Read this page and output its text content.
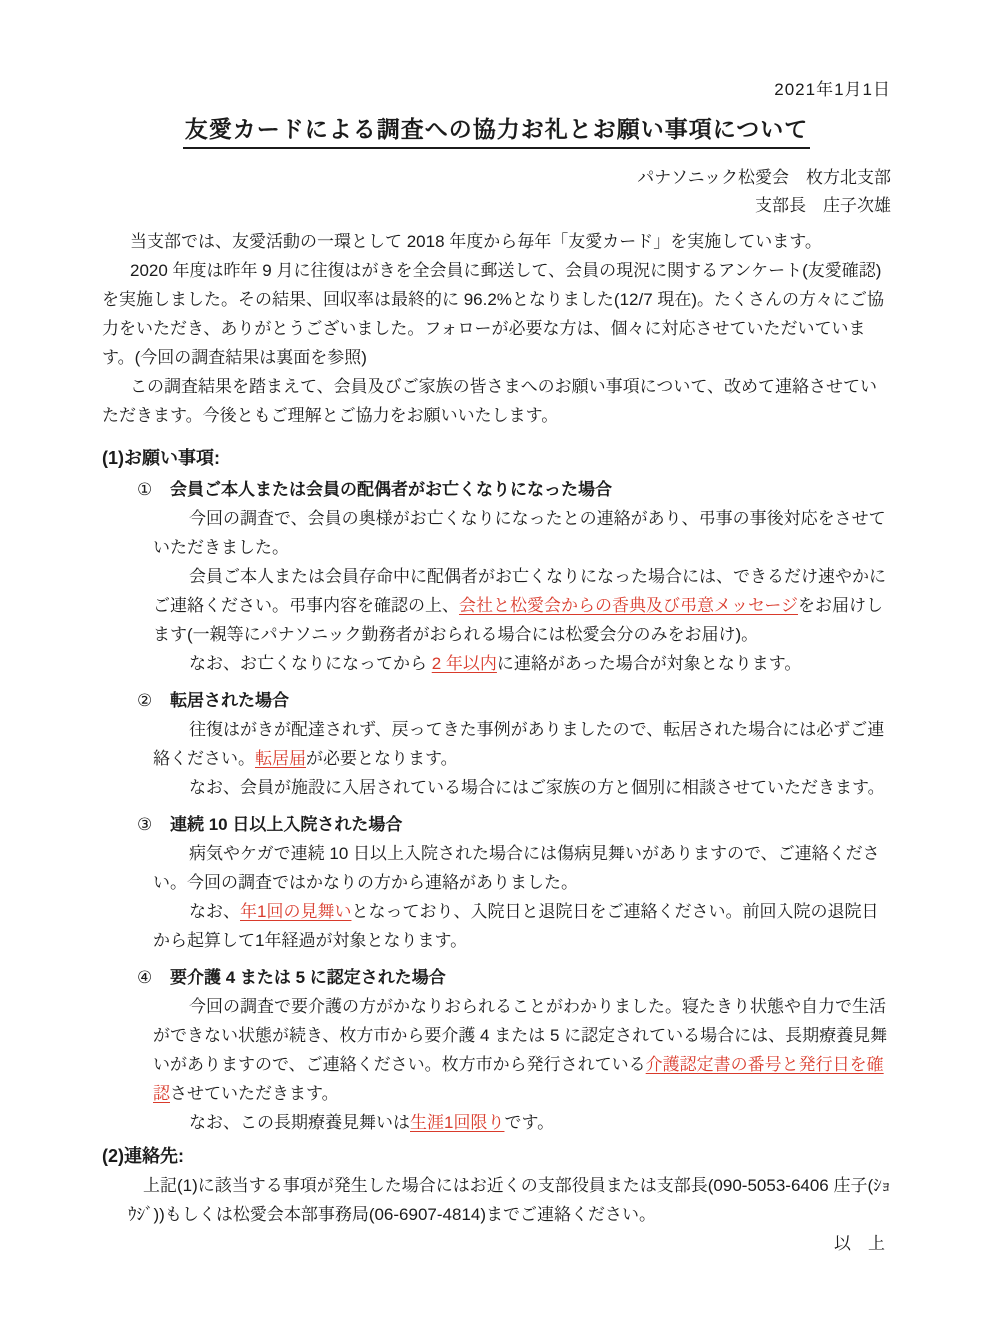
2021年1月1日
友愛カードによる調査への協力お礼とお願い事項について
パナソニック松愛会　枚方北支部
支部長　庄子次雄

当支部では、友愛活動の一環として 2018 年度から毎年「友愛カード」を実施しています。

2020 年度は昨年 9 月に往復はがきを全会員に郵送して、会員の現況に関するアンケート(友愛確認)を実施しました。その結果、回収率は最終的に 96.2%となりました(12/7 現在)。たくさんの方々にご協力をいただき、ありがとうございました。フォローが必要な方は、個々に対応させていただいています。(今回の調査結果は裏面を参照)

この調査結果を踏まえて、会員及びご家族の皆さまへのお願い事項について、改めて連絡させていただきます。今後ともご理解とご協力をお願いいたします。

(1)お願い事項:
① 会員ご本人または会員の配偶者がお亡くなりになった場合

今回の調査で、会員の奥様がお亡くなりになったとの連絡があり、弔事の事後対応をさせていただきました。

会員ご本人または会員存命中に配偶者がお亡くなりになった場合には、できるだけ速やかにご連絡ください。弔事内容を確認の上、会社と松愛会からの香典及び弔意メッセージをお届けします(一親等にパナソニック勤務者がおられる場合には松愛会分のみをお届け)。

なお、お亡くなりになってから 2 年以内に連絡があった場合が対象となります。

② 転居された場合

往復はがきが配達されず、戻ってきた事例がありましたので、転居された場合には必ずご連絡ください。転居届が必要となります。

なお、会員が施設に入居されている場合にはご家族の方と個別に相談させていただきます。

③ 連続 10 日以上入院された場合

病気やケガで連続 10 日以上入院された場合には傷病見舞いがありますので、ご連絡ください。今回の調査ではかなりの方から連絡がありました。

なお、年1回の見舞いとなっており、入院日と退院日をご連絡ください。前回入院の退院日から起算して1年経過が対象となります。

④ 要介護 4 または 5 に認定された場合

今回の調査で要介護の方がかなりおられることがわかりました。寝たきり状態や自力で生活ができない状態が続き、枚方市から要介護 4 または 5 に認定されている場合には、長期療養見舞いがありますので、ご連絡ください。枚方市から発行されている介護認定書の番号と発行日を確認させていただきます。

なお、この長期療養見舞いは生涯1回限りです。

(2)連絡先:

上記(1)に該当する事項が発生した場合にはお近くの支部役員または支部長(090-5053-6406 庄子(ｼｮｳｼﾞ))もしくは松愛会本部事務局(06-6907-4814)までご連絡ください。

以　上
